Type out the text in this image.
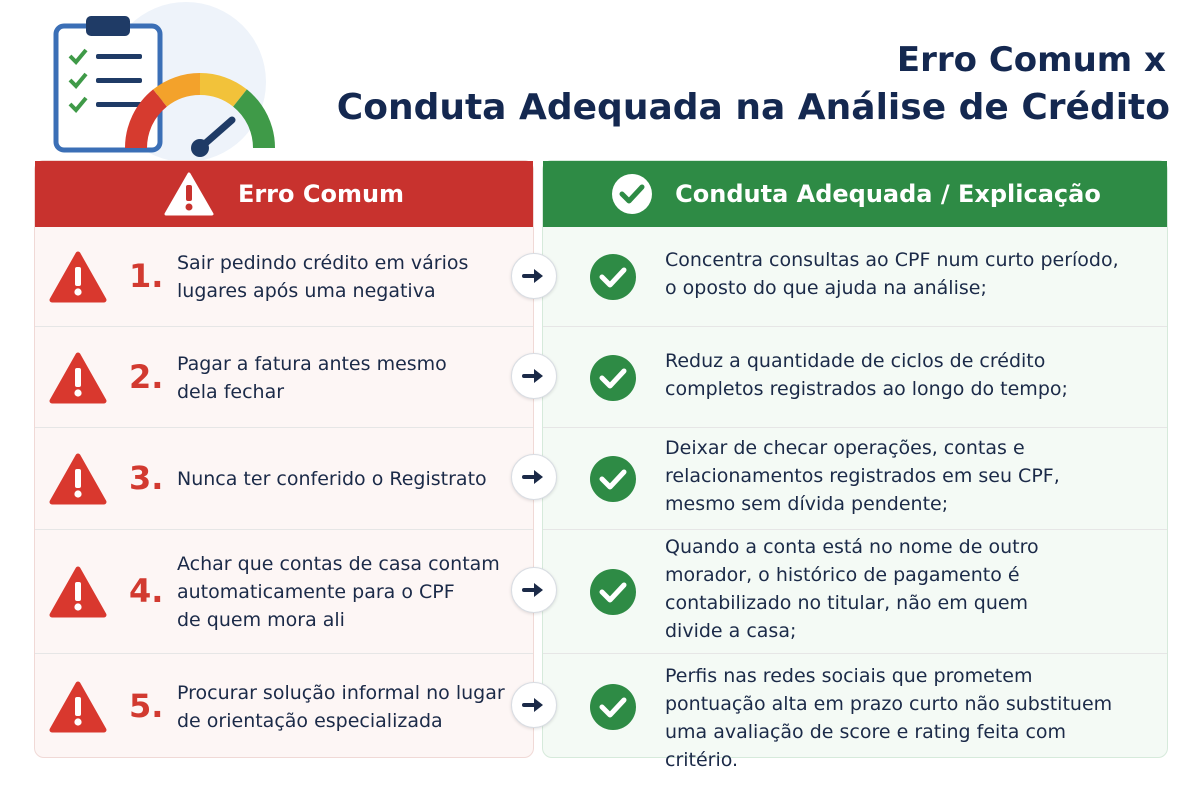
Erro Comum x
Conduta Adequada na Análise de Crédito
Erro Comum
1. Sair pedindo crédito em vários
lugares após uma negativa
2. Pagar a fatura antes mesmo
dela fechar
3. Nunca ter conferido o Registrato
4.
Achar que contas de casa contam
automaticamente para o CPF
de quem mora ali
5. Procurar solução informal no lugar
de orientação especializada
Conduta Adequada / Explicação
Concentra consultas ao CPF num curto período,
o oposto do que ajuda na análise;
Reduz a quantidade de ciclos de crédito
completos registrados ao longo do tempo;
Deixar de checar operações, contas e
relacionamentos registrados em seu CPF,
mesmo sem dívida pendente;
Quando a conta está no nome de outro
morador, o histórico de pagamento é
contabilizado no titular, não em quem
divide a casa;
Perfis nas redes sociais que prometem
pontuação alta em prazo curto não substituem
uma avaliação de score e rating feita com critério.
